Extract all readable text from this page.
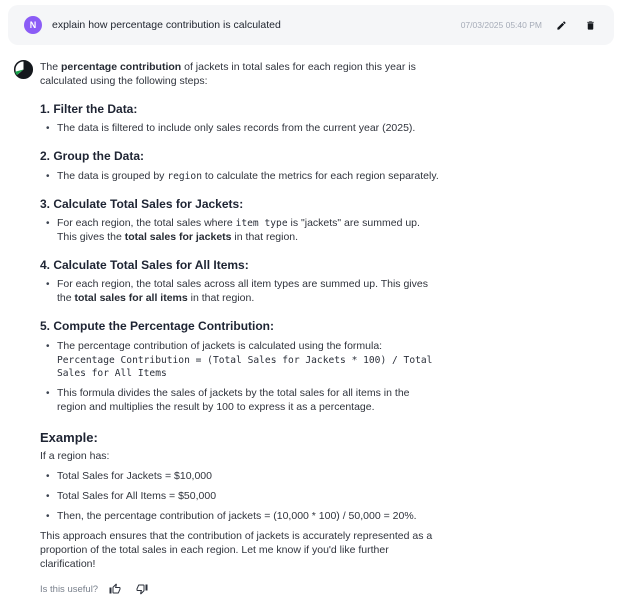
N	explain how percentage contribution is calculated	07/03/2025 05:40 PM

The percentage contribution of jackets in total sales for each region this year is calculated using the following steps:

1. Filter the Data:
• The data is filtered to include only sales records from the current year (2025).
2. Group the Data:
• The data is grouped by region to calculate the metrics for each region separately.
3. Calculate Total Sales for Jackets:
• For each region, the total sales where item type is "jackets" are summed up. This gives the total sales for jackets in that region.
4. Calculate Total Sales for All Items:
• For each region, the total sales across all item types are summed up. This gives the total sales for all items in that region.
5. Compute the Percentage Contribution:
• The percentage contribution of jackets is calculated using the formula: Percentage Contribution = (Total Sales for Jackets * 100) / Total Sales for All Items
• This formula divides the sales of jackets by the total sales for all items in the region and multiplies the result by 100 to express it as a percentage.
Example:

If a region has:

• Total Sales for Jackets = $10,000
• Total Sales for All Items = $50,000
• Then, the percentage contribution of jackets = (10,000 * 100) / 50,000 = 20%.

This approach ensures that the contribution of jackets is accurately represented as a proportion of the total sales in each region. Let me know if you'd like further clarification!

Is this useful?
